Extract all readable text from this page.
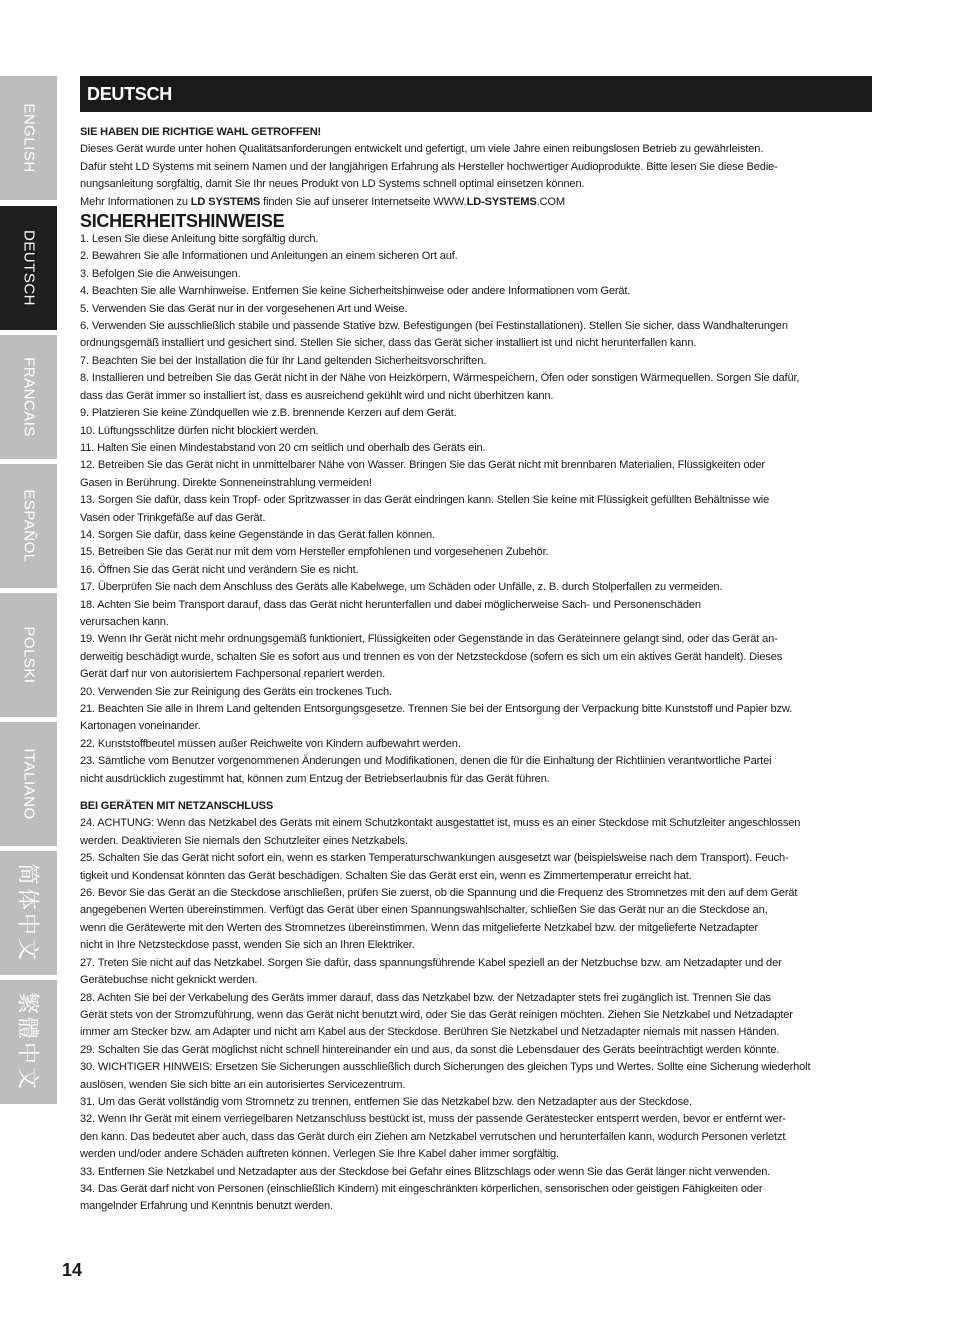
ENGLISH
DEUTSCH
FRANCAIS
ESPAÑOL
POLSKI
ITALIANO
简体中文
繁體中文
DEUTSCH

SIE HABEN DIE RICHTIGE WAHL GETROFFEN!

Dieses Gerät wurde unter hohen Qualitätsanforderungen entwickelt und gefertigt, um viele Jahre einen reibungslosen Betrieb zu gewährleisten.

Dafür steht LD Systems mit seinem Namen und der langjährigen Erfahrung als Hersteller hochwertiger Audioprodukte. Bitte lesen Sie diese Bedie-

nungsanleitung sorgfältig, damit Sie Ihr neues Produkt von LD Systems schnell optimal einsetzen können.

Mehr Informationen zu LD SYSTEMS finden Sie auf unserer Internetseite WWW.LD-SYSTEMS.COM

SICHERHEITSHINWEISE

1. Lesen Sie diese Anleitung bitte sorgfältig durch.

2. Bewahren Sie alle Informationen und Anleitungen an einem sicheren Ort auf.

3. Befolgen Sie die Anweisungen.

4. Beachten Sie alle Warnhinweise. Entfernen Sie keine Sicherheitshinweise oder andere Informationen vom Gerät.

5. Verwenden Sie das Gerät nur in der vorgesehenen Art und Weise.

6. Verwenden Sie ausschließlich stabile und passende Stative bzw. Befestigungen (bei Festinstallationen). Stellen Sie sicher, dass Wandhalterungen

ordnungsgemäß installiert und gesichert sind. Stellen Sie sicher, dass das Gerät sicher installiert ist und nicht herunterfallen kann.

7. Beachten Sie bei der Installation die für Ihr Land geltenden Sicherheitsvorschriften.

8. Installieren und betreiben Sie das Gerät nicht in der Nähe von Heizkörpern, Wärmespeichern, Öfen oder sonstigen Wärmequellen. Sorgen Sie dafür,

dass das Gerät immer so installiert ist, dass es ausreichend gekühlt wird und nicht überhitzen kann.

9. Platzieren Sie keine Zündquellen wie z.B. brennende Kerzen auf dem Gerät.

10. Lüftungsschlitze dürfen nicht blockiert werden.

11. Halten Sie einen Mindestabstand von 20 cm seitlich und oberhalb des Geräts ein.

12. Betreiben Sie das Gerät nicht in unmittelbarer Nähe von Wasser. Bringen Sie das Gerät nicht mit brennbaren Materialien, Flüssigkeiten oder

Gasen in Berührung. Direkte Sonneneinstrahlung vermeiden!

13. Sorgen Sie dafür, dass kein Tropf- oder Spritzwasser in das Gerät eindringen kann. Stellen Sie keine mit Flüssigkeit gefüllten Behältnisse wie

Vasen oder Trinkgefäße auf das Gerät.

14. Sorgen Sie dafür, dass keine Gegenstände in das Gerät fallen können.

15. Betreiben Sie das Gerät nur mit dem vom Hersteller empfohlenen und vorgesehenen Zubehör.

16. Öffnen Sie das Gerät nicht und verändern Sie es nicht.

17. Überprüfen Sie nach dem Anschluss des Geräts alle Kabelwege, um Schäden oder Unfälle, z. B. durch Stolperfallen zu vermeiden.

18. Achten Sie beim Transport darauf, dass das Gerät nicht herunterfallen und dabei möglicherweise Sach- und Personenschäden

verursachen kann.

19. Wenn Ihr Gerät nicht mehr ordnungsgemäß funktioniert, Flüssigkeiten oder Gegenstände in das Geräteinnere gelangt sind, oder das Gerät an-

derweitig beschädigt wurde, schalten Sie es sofort aus und trennen es von der Netzsteckdose (sofern es sich um ein aktives Gerät handelt). Dieses

Gerät darf nur von autorisiertem Fachpersonal repariert werden.

20. Verwenden Sie zur Reinigung des Geräts ein trockenes Tuch.

21. Beachten Sie alle in Ihrem Land geltenden Entsorgungsgesetze. Trennen Sie bei der Entsorgung der Verpackung bitte Kunststoff und Papier bzw.

Kartonagen voneinander.

22. Kunststoffbeutel müssen außer Reichweite von Kindern aufbewahrt werden.

23. Sämtliche vom Benutzer vorgenommenen Änderungen und Modifikationen, denen die für die Einhaltung der Richtlinien verantwortliche Partei

nicht ausdrücklich zugestimmt hat, können zum Entzug der Betriebserlaubnis für das Gerät führen.

BEI GERÄTEN MIT NETZANSCHLUSS

24. ACHTUNG: Wenn das Netzkabel des Geräts mit einem Schutzkontakt ausgestattet ist, muss es an einer Steckdose mit Schutzleiter angeschlossen

werden. Deaktivieren Sie niemals den Schutzleiter eines Netzkabels.

25. Schalten Sie das Gerät nicht sofort ein, wenn es starken Temperaturschwankungen ausgesetzt war (beispielsweise nach dem Transport). Feuch-

tigkeit und Kondensat könnten das Gerät beschädigen. Schalten Sie das Gerät erst ein, wenn es Zimmertemperatur erreicht hat.

26. Bevor Sie das Gerät an die Steckdose anschließen, prüfen Sie zuerst, ob die Spannung und die Frequenz des Stromnetzes mit den auf dem Gerät

angegebenen Werten übereinstimmen. Verfügt das Gerät über einen Spannungswahlschalter, schließen Sie das Gerät nur an die Steckdose an,

wenn die Gerätewerte mit den Werten des Stromnetzes übereinstimmen. Wenn das mitgelieferte Netzkabel bzw. der mitgelieferte Netzadapter

nicht in Ihre Netzsteckdose passt, wenden Sie sich an Ihren Elektriker.

27. Treten Sie nicht auf das Netzkabel. Sorgen Sie dafür, dass spannungsführende Kabel speziell an der Netzbuchse bzw. am Netzadapter und der

Gerätebuchse nicht geknickt werden.

28. Achten Sie bei der Verkabelung des Geräts immer darauf, dass das Netzkabel bzw. der Netzadapter stets frei zugänglich ist. Trennen Sie das

Gerät stets von der Stromzuführung, wenn das Gerät nicht benutzt wird, oder Sie das Gerät reinigen möchten. Ziehen Sie Netzkabel und Netzadapter

immer am Stecker bzw. am Adapter und nicht am Kabel aus der Steckdose. Berühren Sie Netzkabel und Netzadapter niemals mit nassen Händen.

29. Schalten Sie das Gerät möglichst nicht schnell hintereinander ein und aus, da sonst die Lebensdauer des Geräts beeinträchtigt werden könnte.

30. WICHTIGER HINWEIS: Ersetzen Sie Sicherungen ausschließlich durch Sicherungen des gleichen Typs und Wertes. Sollte eine Sicherung wiederholt

auslösen, wenden Sie sich bitte an ein autorisiertes Servicezentrum.

31. Um das Gerät vollständig vom Stromnetz zu trennen, entfernen Sie das Netzkabel bzw. den Netzadapter aus der Steckdose.

32. Wenn Ihr Gerät mit einem verriegelbaren Netzanschluss bestückt ist, muss der passende Gerätestecker entsperrt werden, bevor er entfernt wer-

den kann. Das bedeutet aber auch, dass das Gerät durch ein Ziehen am Netzkabel verrutschen und herunterfallen kann, wodurch Personen verletzt

werden und/oder andere Schäden auftreten können. Verlegen Sie Ihre Kabel daher immer sorgfältig.

33. Entfernen Sie Netzkabel und Netzadapter aus der Steckdose bei Gefahr eines Blitzschlags oder wenn Sie das Gerät länger nicht verwenden.

34. Das Gerät darf nicht von Personen (einschließlich Kindern) mit eingeschränkten körperlichen, sensorischen oder geistigen Fähigkeiten oder

mangelnder Erfahrung und Kenntnis benutzt werden.

14
